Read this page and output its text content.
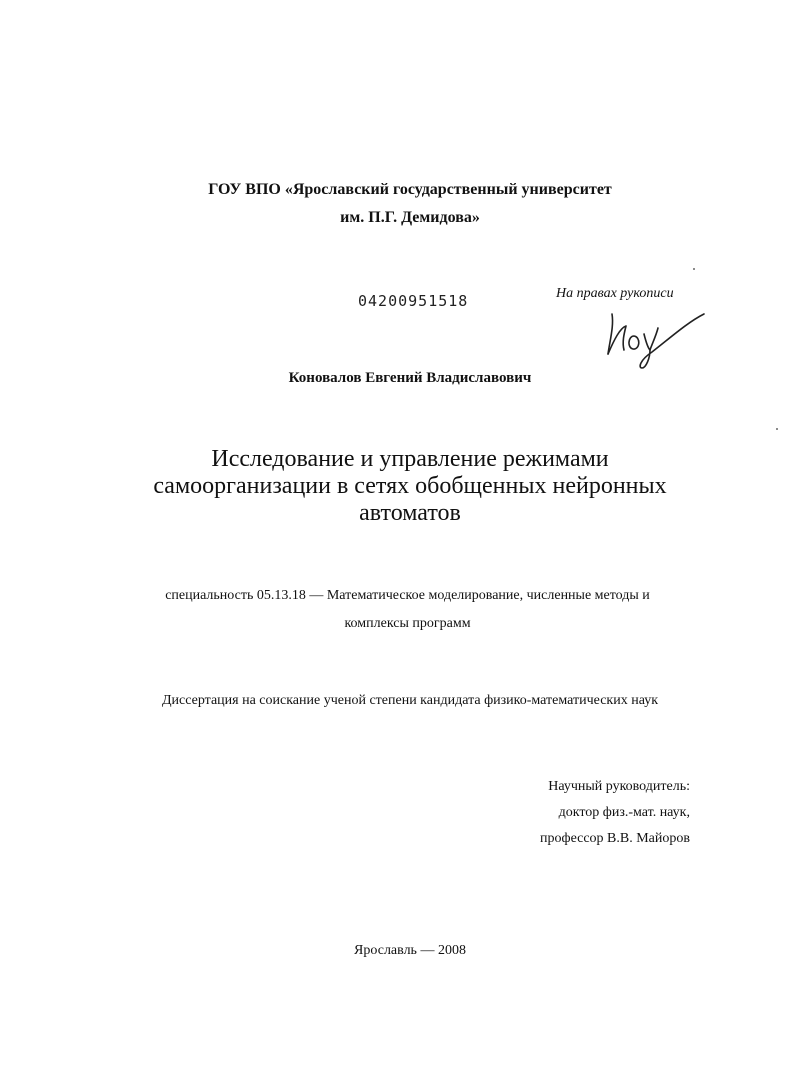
ГОУ ВПО «Ярославский государственный университет
им. П.Г. Демидова»
04200951518	На правах рукописи
Коновалов Евгений Владиславович
Исследование и управление режимами
самоорганизации в сетях обобщенных нейронных
автоматов
специальность 05.13.18 — Математическое моделирование, численные методы и
комплексы программ
Диссертация на соискание ученой степени кандидата физико-математических наук
Научный руководитель:
доктор физ.-мат. наук,
профессор В.В. Майоров
Ярославль — 2008
